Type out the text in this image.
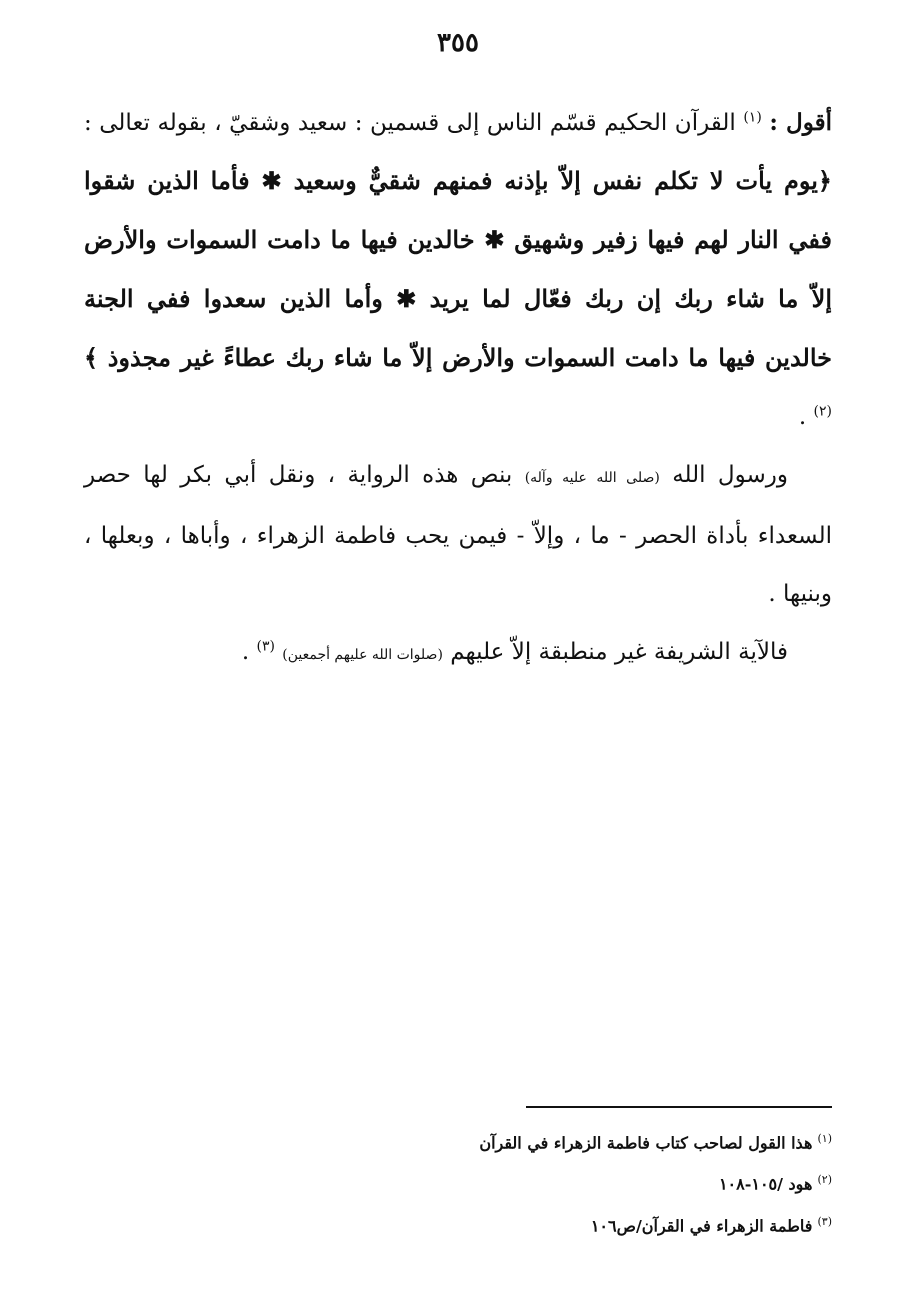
٣٥٥

أقول : $^{(١)}$ القرآن الحكيم قسّم الناس إلى قسمين : سعيد وشقيّ ، بقوله تعالى : ﴿يوم يأت لا تكلم نفس إلاّ بإذنه فمنهم شقيٌّ وسعيد ✱ فأما الذين شقوا ففي النار لهم فيها زفير وشهيق ✱ خالدين فيها ما دامت السموات والأرض إلاّ ما شاء ربك إن ربك فعّال لما يريد ✱ وأما الذين سعدوا ففي الجنة خالدين فيها ما دامت السموات والأرض إلاّ ما شاء ربك عطاءً غير مجذوذ ﴾ $^{(٢)}$ .

ورسول الله (صلى الله عليه وآله) بنص هذه الرواية ، ونقل أبي بكر لها حصر السعداء بأداة الحصر - ما ، وإلاّ - فيمن يحب فاطمة الزهراء ، وأباها ، وبعلها ، وبنيها .

فالآية الشريفة غير منطبقة إلاّ عليهم (صلوات الله عليهم أجمعين) $^{(٣)}$ .

$^{(١)}$ هذا القول لصاحب كتاب فاطمة الزهراء في القرآن

$^{(٢)}$ هود /١٠٥-١٠٨

$^{(٣)}$ فاطمة الزهراء في القرآن/ص١٠٦
